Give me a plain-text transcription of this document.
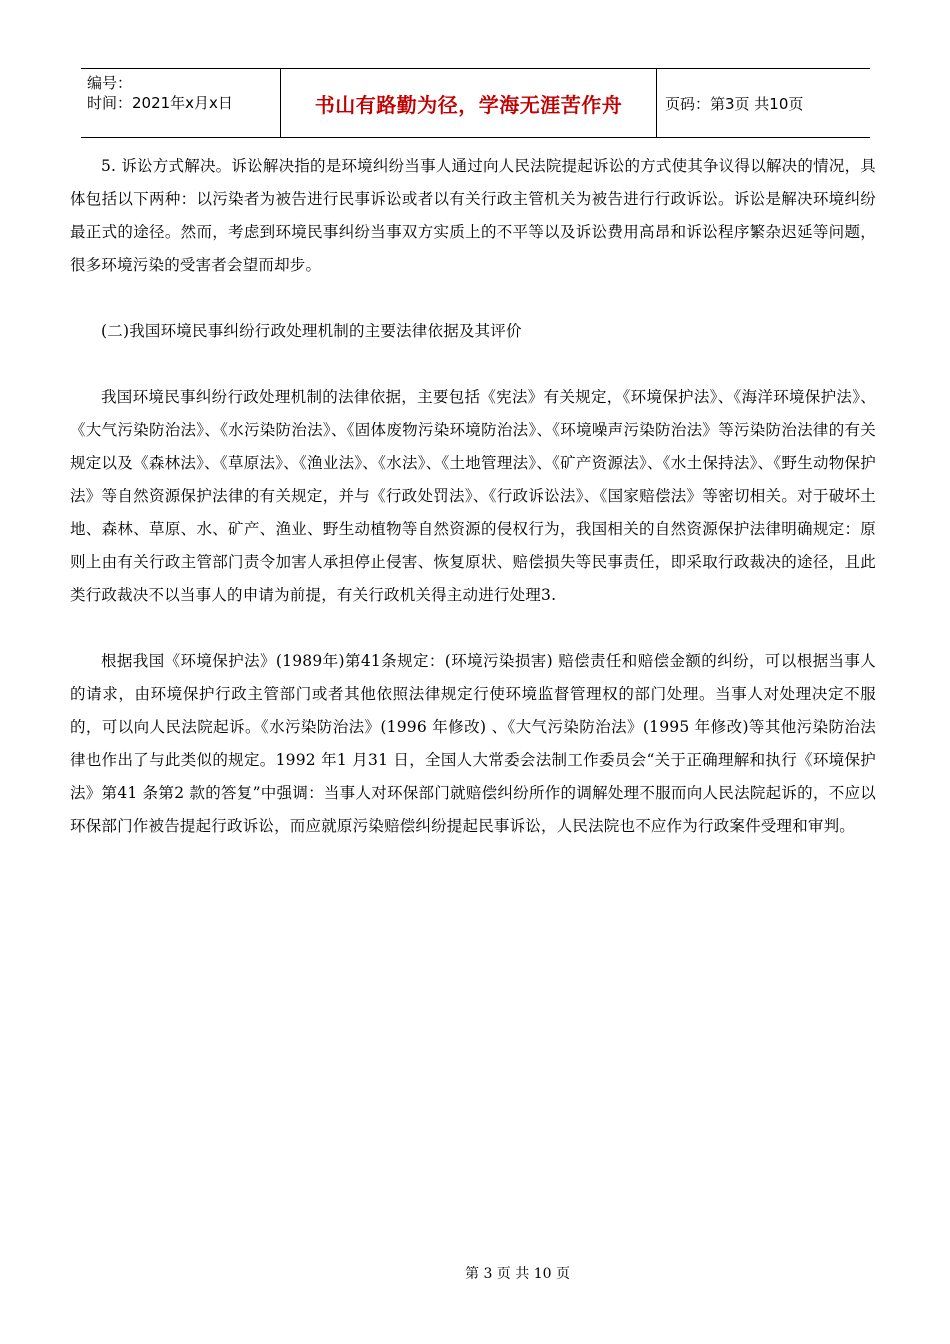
编号：
时间：2021年x月x日	书山有路勤为径，学海无涯苦作舟	页码：第3页 共10页

5. 诉讼方式解决。诉讼解决指的是环境纠纷当事人通过向人民法院提起诉讼的方式使其争议得以解决的情况，具体包括以下两种：以污染者为被告进行民事诉讼或者以有关行政主管机关为被告进行行政诉讼。诉讼是解决环境纠纷最正式的途径。然而，考虑到环境民事纠纷当事双方实质上的不平等以及诉讼费用高昂和诉讼程序繁杂迟延等问题，很多环境污染的受害者会望而却步。

(二)我国环境民事纠纷行政处理机制的主要法律依据及其评价

我国环境民事纠纷行政处理机制的法律依据，主要包括《宪法》有关规定，《环境保护法》、《海洋环境保护法》、《大气污染防治法》、《水污染防治法》、《固体废物污染环境防治法》、《环境噪声污染防治法》等污染防治法律的有关规定以及《森林法》、《草原法》、《渔业法》、《水法》、《土地管理法》、《矿产资源法》、《水土保持法》、《野生动物保护法》等自然资源保护法律的有关规定，并与《行政处罚法》、《行政诉讼法》、《国家赔偿法》等密切相关。对于破坏土地、森林、草原、水、矿产、渔业、野生动植物等自然资源的侵权行为，我国相关的自然资源保护法律明确规定：原则上由有关行政主管部门责令加害人承担停止侵害、恢复原状、赔偿损失等民事责任，即采取行政裁决的途径，且此类行政裁决不以当事人的申请为前提，有关行政机关得主动进行处理3.

根据我国《环境保护法》(1989年)第41条规定：(环境污染损害) 赔偿责任和赔偿金额的纠纷，可以根据当事人的请求，由环境保护行政主管部门或者其他依照法律规定行使环境监督管理权的部门处理。当事人对处理决定不服的，可以向人民法院起诉。《水污染防治法》(1996 年修改) 、《大气污染防治法》(1995 年修改)等其他污染防治法律也作出了与此类似的规定。1992 年1 月31 日，全国人大常委会法制工作委员会“关于正确理解和执行《环境保护法》第41 条第2 款的答复”中强调：当事人对环保部门就赔偿纠纷所作的调解处理不服而向人民法院起诉的，不应以环保部门作被告提起行政诉讼，而应就原污染赔偿纠纷提起民事诉讼，人民法院也不应作为行政案件受理和审判。

第 3 页 共 10 页
